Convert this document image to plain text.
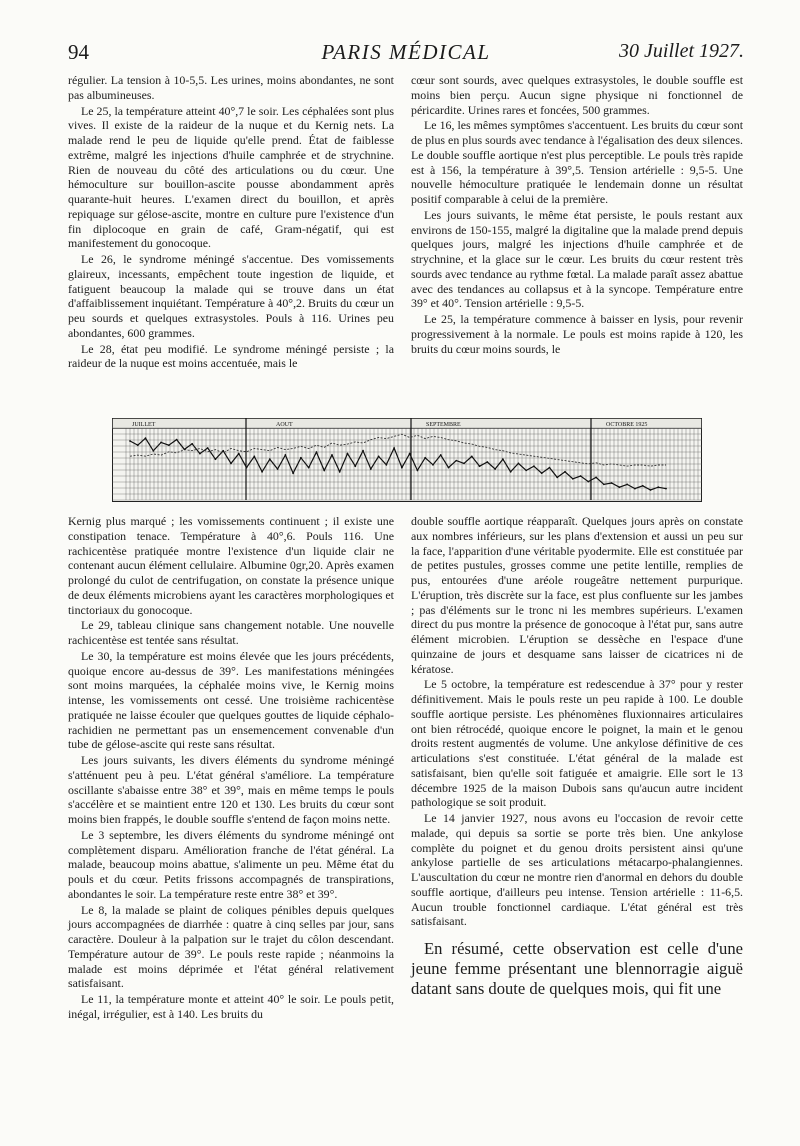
94	PARIS MÉDICAL	30 Juillet 1927.

régulier. La tension à 10-5,5. Les urines, moins abondantes, ne sont pas albumineuses.

Le 25, la température atteint 40°,7 le soir. Les céphalées sont plus vives. Il existe de la raideur de la nuque et du Kernig nets. La malade rend le peu de liquide qu'elle prend. État de faiblesse extrême, malgré les injections d'huile camphrée et de strychnine. Rien de nouveau du côté des articulations ou du cœur. Une hémoculture sur bouillon-ascite pousse abondamment après quarante-huit heures. L'examen direct du bouillon, et après repiquage sur gélose-ascite, montre en culture pure l'existence d'un fin diplocoque en grain de café, Gram-négatif, qui est manifestement du gonocoque.

Le 26, le syndrome méningé s'accentue. Des vomissements glaireux, incessants, empêchent toute ingestion de liquide, et fatiguent beaucoup la malade qui se trouve dans un état d'affaiblissement inquiétant. Température à 40°,2. Bruits du cœur un peu sourds et quelques extrasystoles. Pouls à 116. Urines peu abondantes, 600 grammes.

Le 28, état peu modifié. Le syndrome méningé persiste ; la raideur de la nuque est moins accentuée, mais le

cœur sont sourds, avec quelques extrasystoles, le double souffle est moins bien perçu. Aucun signe physique ni fonctionnel de péricardite. Urines rares et foncées, 500 grammes.

Le 16, les mêmes symptômes s'accentuent. Les bruits du cœur sont de plus en plus sourds avec tendance à l'égalisation des deux silences. Le double souffle aortique n'est plus perceptible. Le pouls très rapide est à 156, la température à 39°,5. Tension artérielle : 9,5-5. Une nouvelle hémoculture pratiquée le lendemain donne un résultat positif comparable à celui de la première.

Les jours suivants, le même état persiste, le pouls restant aux environs de 150-155, malgré la digitaline que la malade prend depuis quelques jours, malgré les injections d'huile camphrée et de strychnine, et la glace sur le cœur. Les bruits du cœur restent très sourds avec tendance au rythme fœtal. La malade paraît assez abattue avec des tendances au collapsus et à la syncope. Température entre 39° et 40°. Tension artérielle : 9,5-5.

Le 25, la température commence à baisser en lysis, pour revenir progressivement à la normale. Le pouls est moins rapide à 120, les bruits du cœur moins sourds, le

JUILLET	AOUT	SEPTEMBRE	OCTOBRE 1925

Kernig plus marqué ; les vomissements continuent ; il existe une constipation tenace. Température à 40°,6. Pouls 116. Une rachicentèse pratiquée montre l'existence d'un liquide clair ne contenant aucun élément cellulaire. Albumine 0gr,20. Après examen prolongé du culot de centrifugation, on constate la présence unique de deux éléments microbiens ayant les caractères morphologiques et tinctoriaux du gonocoque.

Le 29, tableau clinique sans changement notable. Une nouvelle rachicentèse est tentée sans résultat.

Le 30, la température est moins élevée que les jours précédents, quoique encore au-dessus de 39°. Les manifestations méningées sont moins marquées, la céphalée moins vive, le Kernig moins intense, les vomissements ont cessé. Une troisième rachicentèse pratiquée ne laisse écouler que quelques gouttes de liquide céphalo-rachidien ne permettant pas un ensemencement convenable d'un tube de gélose-ascite qui reste sans résultat.

Les jours suivants, les divers éléments du syndrome méningé s'atténuent peu à peu. L'état général s'améliore. La température oscillante s'abaisse entre 38° et 39°, mais en même temps le pouls s'accélère et se maintient entre 120 et 130. Les bruits du cœur sont moins bien frappés, le double souffle s'entend de façon moins nette.

Le 3 septembre, les divers éléments du syndrome méningé ont complètement disparu. Amélioration franche de l'état général. La malade, beaucoup moins abattue, s'alimente un peu. Même état du pouls et du cœur. Petits frissons accompagnés de transpirations, abondantes le soir. La température reste entre 38° et 39°.

Le 8, la malade se plaint de coliques pénibles depuis quelques jours accompagnées de diarrhée : quatre à cinq selles par jour, sans caractère. Douleur à la palpation sur le trajet du côlon descendant. Température autour de 39°. Le pouls reste rapide ; néanmoins la malade est moins déprimée et l'état général relativement satisfaisant.

Le 11, la température monte et atteint 40° le soir. Le pouls petit, inégal, irrégulier, est à 140. Les bruits du

double souffle aortique réapparaît. Quelques jours après on constate aux nombres inférieurs, sur les plans d'extension et aussi un peu sur la face, l'apparition d'une véritable pyodermite. Elle est constituée par de petites pustules, grosses comme une petite lentille, remplies de pus, entourées d'une aréole rougeâtre nettement purpurique. L'éruption, très discrète sur la face, est plus confluente sur les jambes ; pas d'éléments sur le tronc ni les membres supérieurs. L'examen direct du pus montre la présence de gonocoque à l'état pur, sans autre élément microbien. L'éruption se dessèche en l'espace d'une quinzaine de jours et desquame sans laisser de cicatrices ni de kératose.

Le 5 octobre, la température est redescendue à 37° pour y rester définitivement. Mais le pouls reste un peu rapide à 100. Le double souffle aortique persiste. Les phénomènes fluxionnaires articulaires ont bien rétrocédé, quoique encore le poignet, la main et le genou droits restent augmentés de volume. Une ankylose définitive de ces articulations s'est constituée. L'état général de la malade est satisfaisant, bien qu'elle soit fatiguée et amaigrie. Elle sort le 13 décembre 1925 de la maison Dubois sans qu'aucun autre incident pathologique se soit produit.

Le 14 janvier 1927, nous avons eu l'occasion de revoir cette malade, qui depuis sa sortie se porte très bien. Une ankylose complète du poignet et du genou droits persistent ainsi qu'une ankylose partielle de ses articulations métacarpo-phalangiennes. L'auscultation du cœur ne montre rien d'anormal en dehors du double souffle aortique, d'ailleurs peu intense. Tension artérielle : 11-6,5. Aucun trouble fonctionnel cardiaque. L'état général est très satisfaisant.

En résumé, cette observation est celle d'une jeune femme présentant une blennorragie aiguë datant sans doute de quelques mois, qui fit une
